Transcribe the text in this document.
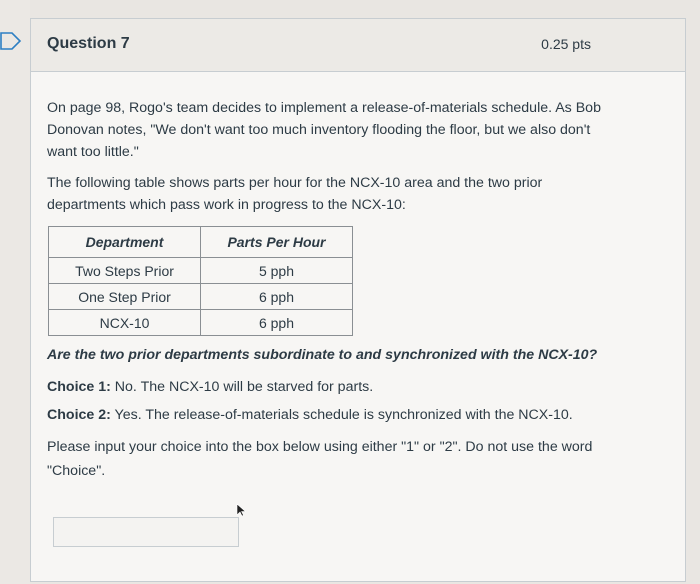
Question 7	0.25 pts
On page 98, Rogo's team decides to implement a release-of-materials schedule. As Bob Donovan notes, "We don't want too much inventory flooding the floor, but we also don't want too little."
The following table shows parts per hour for the NCX-10 area and the two prior departments which pass work in progress to the NCX-10:
Department	Parts Per Hour
Two Steps Prior	5 pph
One Step Prior	6 pph
NCX-10	6 pph
Are the two prior departments subordinate to and synchronized with the NCX-10?
Choice 1: No. The NCX-10 will be starved for parts.
Choice 2: Yes. The release-of-materials schedule is synchronized with the NCX-10.
Please input your choice into the box below using either "1" or "2". Do not use the word "Choice".
